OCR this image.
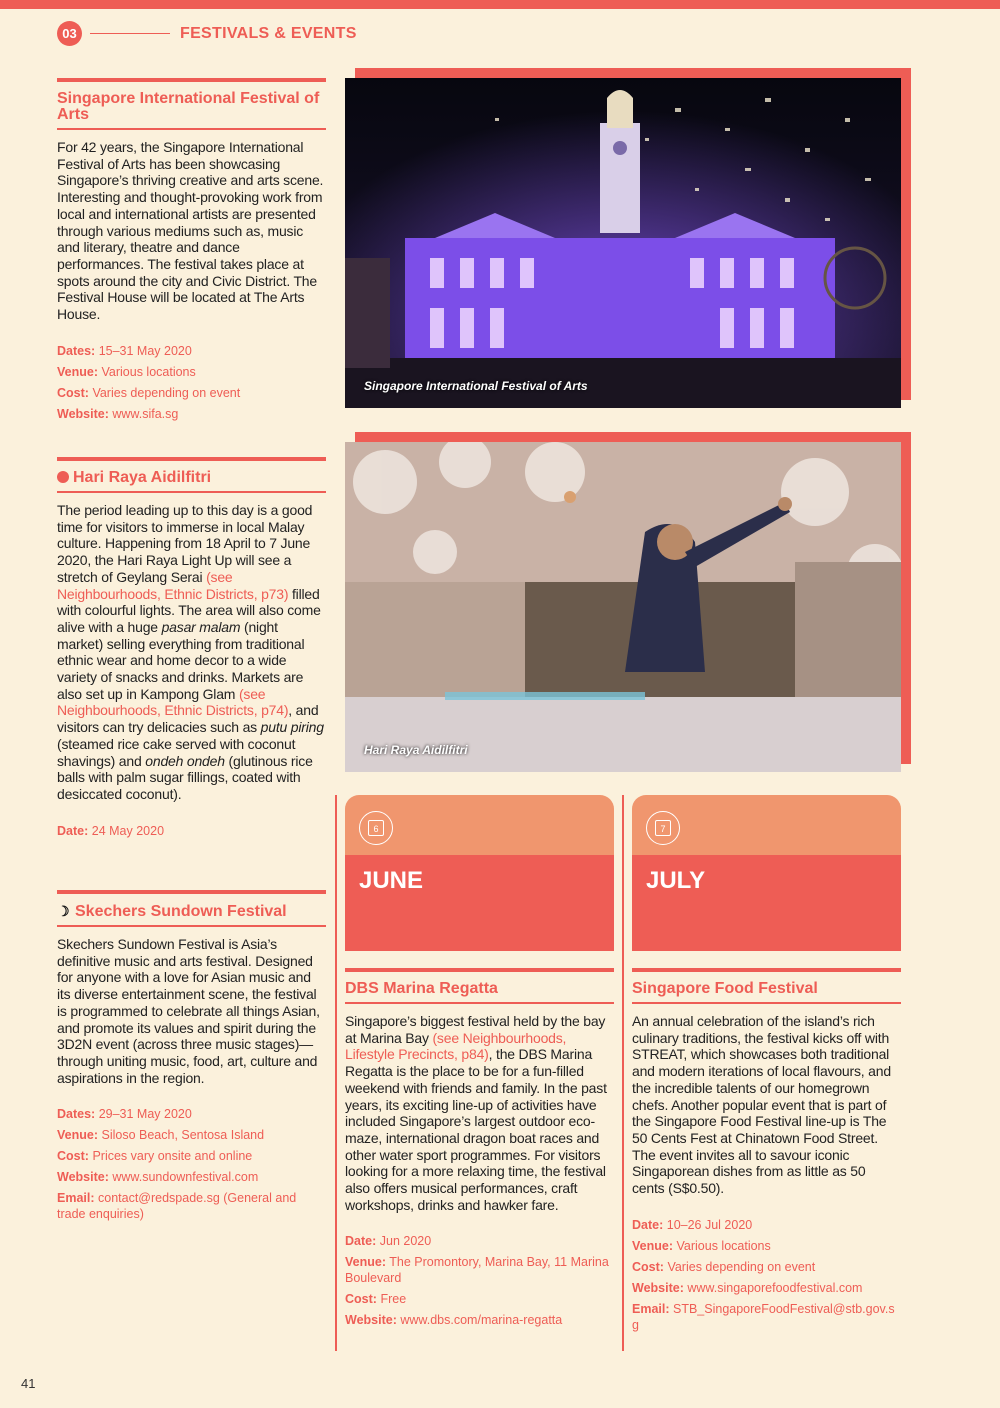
03	FESTIVALS & EVENTS
Singapore International Festival of Arts
For 42 years, the Singapore International Festival of Arts has been showcasing Singapore’s thriving creative and arts scene. Interesting and thought-provoking work from local and international artists are presented through various mediums such as, music and literary, theatre and dance performances. The festival takes place at spots around the city and Civic District. The Festival House will be located at The Arts House.

Dates: 15–31 May 2020

Venue: Various locations

Cost: Varies depending on event

Website: www.sifa.sg

Hari Raya Aidilfitri
The period leading up to this day is a good time for visitors to immerse in local Malay culture. Happening from 18 April to 7 June 2020, the Hari Raya Light Up will see a stretch of Geylang Serai (see Neighbourhoods, Ethnic Districts, p73) filled with colourful lights. The area will also come alive with a huge pasar malam (night market) selling everything from traditional ethnic wear and home decor to a wide variety of snacks and drinks. Markets are also set up in Kampong Glam (see Neighbourhoods, Ethnic Districts, p74), and visitors can try delicacies such as putu piring (steamed rice cake served with coconut shavings) and ondeh ondeh (glutinous rice balls with palm sugar fillings, coated with desiccated coconut).

Date: 24 May 2020

☽ Skechers Sundown Festival
Skechers Sundown Festival is Asia’s definitive music and arts festival. Designed for anyone with a love for Asian music and its diverse entertainment scene, the festival is programmed to celebrate all things Asian, and promote its values and spirit during the 3D2N event (across three music stages)—through uniting music, food, art, culture and aspirations in the region.

Dates: 29–31 May 2020

Venue: Siloso Beach, Sentosa Island

Cost: Prices vary onsite and online

Website: www.sundownfestival.com

Email: contact@redspade.sg (General and trade enquiries)

Singapore International Festival of Arts
Hari Raya Aidilfitri
6
JUNE
7
JULY
DBS Marina Regatta
Singapore’s biggest festival held by the bay at Marina Bay (see Neighbourhoods, Lifestyle Precincts, p84), the DBS Marina Regatta is the place to be for a fun-filled weekend with friends and family. In the past years, its exciting line-up of activities have included Singapore’s largest outdoor eco-maze, international dragon boat races and other water sport programmes. For visitors looking for a more relaxing time, the festival also offers musical performances, craft workshops, drinks and hawker fare.

Date: Jun 2020

Venue: The Promontory, Marina Bay, 11 Marina Boulevard

Cost: Free

Website: www.dbs.com/marina-regatta

Singapore Food Festival
An annual celebration of the island’s rich culinary traditions, the festival kicks off with STREAT, which showcases both traditional and modern iterations of local flavours, and the incredible talents of our homegrown chefs. Another popular event that is part of the Singapore Food Festival line-up is The 50 Cents Fest at Chinatown Food Street. The event invites all to savour iconic Singaporean dishes from as little as 50 cents (S$0.50).

Date: 10–26 Jul 2020

Venue: Various locations

Cost: Varies depending on event

Website: www.singaporefoodfestival.com

Email: STB_SingaporeFoodFestival@stb.gov.sg

41
